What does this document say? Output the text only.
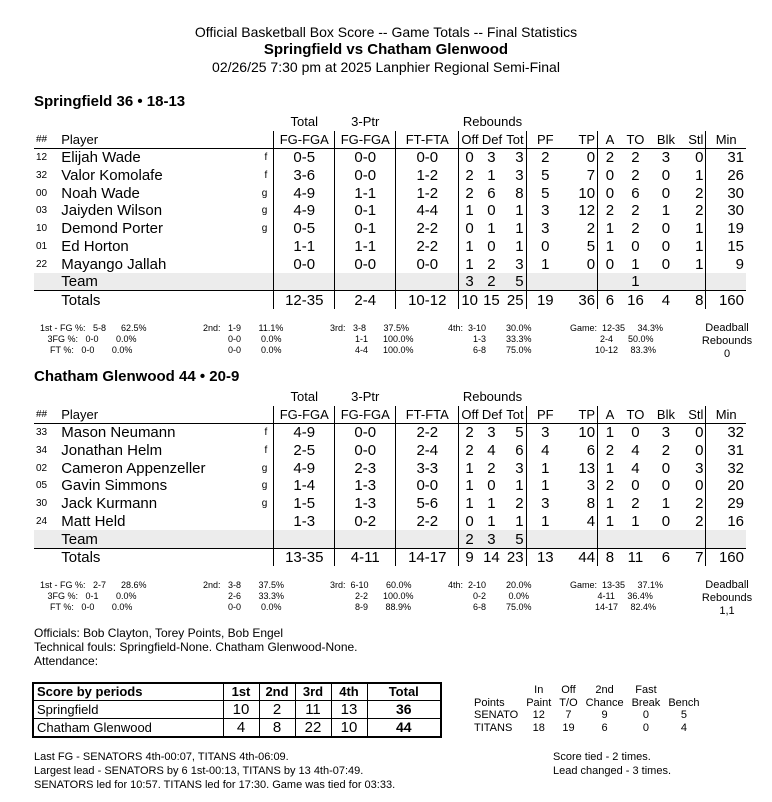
Official Basketball Box Score -- Game Totals -- Final Statistics
Springfield vs Chatham Glenwood
02/26/25 7:30 pm at 2025 Lanphier Regional Semi-Final
Springfield 36 • 18-13
			Total	3-Ptr		Rebounds									
##	Player		FG-FGA	FG-FGA	FT-FTA	Off	Def	Tot	PF	TP	A	TO	Blk	Stl	Min
12	Elijah Wade	f	0-5	0-0	0-0	0	3	3	2	0	2	2	3	0	31
32	Valor Komolafe	f	3-6	0-0	1-2	2	1	3	5	7	0	2	0	1	26
00	Noah Wade	g	4-9	1-1	1-2	2	6	8	5	10	0	6	0	2	30
03	Jaiyden Wilson	g	4-9	0-1	4-4	1	0	1	3	12	2	2	1	2	30
10	Demond Porter	g	0-5	0-1	2-2	0	1	1	3	2	1	2	0	1	19
01	Ed Horton		1-1	1-1	2-2	1	0	1	0	5	1	0	0	1	15
22	Mayango Jallah		0-0	0-0	0-0	1	2	3	1	0	0	1	0	1	9
	Team					3	2	5				1			
	Totals		12-35	2-4	10-12	10	15	25	19	36	6	16	4	8	160
1st - FG %:   5-8      62.5%
3FG %:   0-0       0.0%
FT %:   0-0       0.0%
2nd:   1-9       11.1%
0-0        0.0%
0-0        0.0%
3rd:   3-8       37.5%
1-1      100.0%
4-4      100.0%
4th:  3-10        30.0%
1-3        33.3%
6-8        75.0%
Game:  12-35     34.3%
2-4      50.0%
10-12     83.3%
Deadball
Rebounds
0
Chatham Glenwood 44 • 20-9
			Total	3-Ptr		Rebounds									
##	Player		FG-FGA	FG-FGA	FT-FTA	Off	Def	Tot	PF	TP	A	TO	Blk	Stl	Min
33	Mason Neumann	f	4-9	0-0	2-2	2	3	5	3	10	1	0	3	0	32
34	Jonathan Helm	f	2-5	0-0	2-4	2	4	6	4	6	2	4	2	0	31
02	Cameron Appenzeller	g	4-9	2-3	3-3	1	2	3	1	13	1	4	0	3	32
05	Gavin Simmons	g	1-4	1-3	0-0	1	0	1	1	3	2	0	0	0	20
30	Jack Kurmann	g	1-5	1-3	5-6	1	1	2	3	8	1	2	1	2	29
24	Matt Held		1-3	0-2	2-2	0	1	1	1	4	1	1	0	2	16
	Team					2	3	5							
	Totals		13-35	4-11	14-17	9	14	23	13	44	8	11	6	7	160
1st - FG %:   2-7      28.6%
3FG %:   0-1       0.0%
FT %:   0-0       0.0%
2nd:   3-8       37.5%
2-6       33.3%
0-0        0.0%
3rd:  6-10       60.0%
2-2      100.0%
8-9       88.9%
4th:  2-10        20.0%
0-2         0.0%
6-8        75.0%
Game:  13-35     37.1%
4-11     36.4%
14-17     82.4%
Deadball
Rebounds
1,1
Officials: Bob Clayton, Torey Points, Bob Engel
Technical fouls: Springfield-None. Chatham Glenwood-None.
Attendance:
Score by periods	1st	2nd	3rd	4th	Total
Springfield	10	2	11	13	36
Chatham Glenwood	4	8	22	10	44
	In	Off	2nd	Fast	
Points	Paint	T/O	Chance	Break	Bench
SENATO	12	7	9	0	5
TITANS	18	19	6	0	4
Last FG - SENATORS 4th-00:07, TITANS 4th-06:09.
Largest lead - SENATORS by 6 1st-00:13, TITANS by 13 4th-07:49.
SENATORS led for 10:57. TITANS led for 17:30. Game was tied for 03:33.
Score tied - 2 times.
Lead changed - 3 times.
